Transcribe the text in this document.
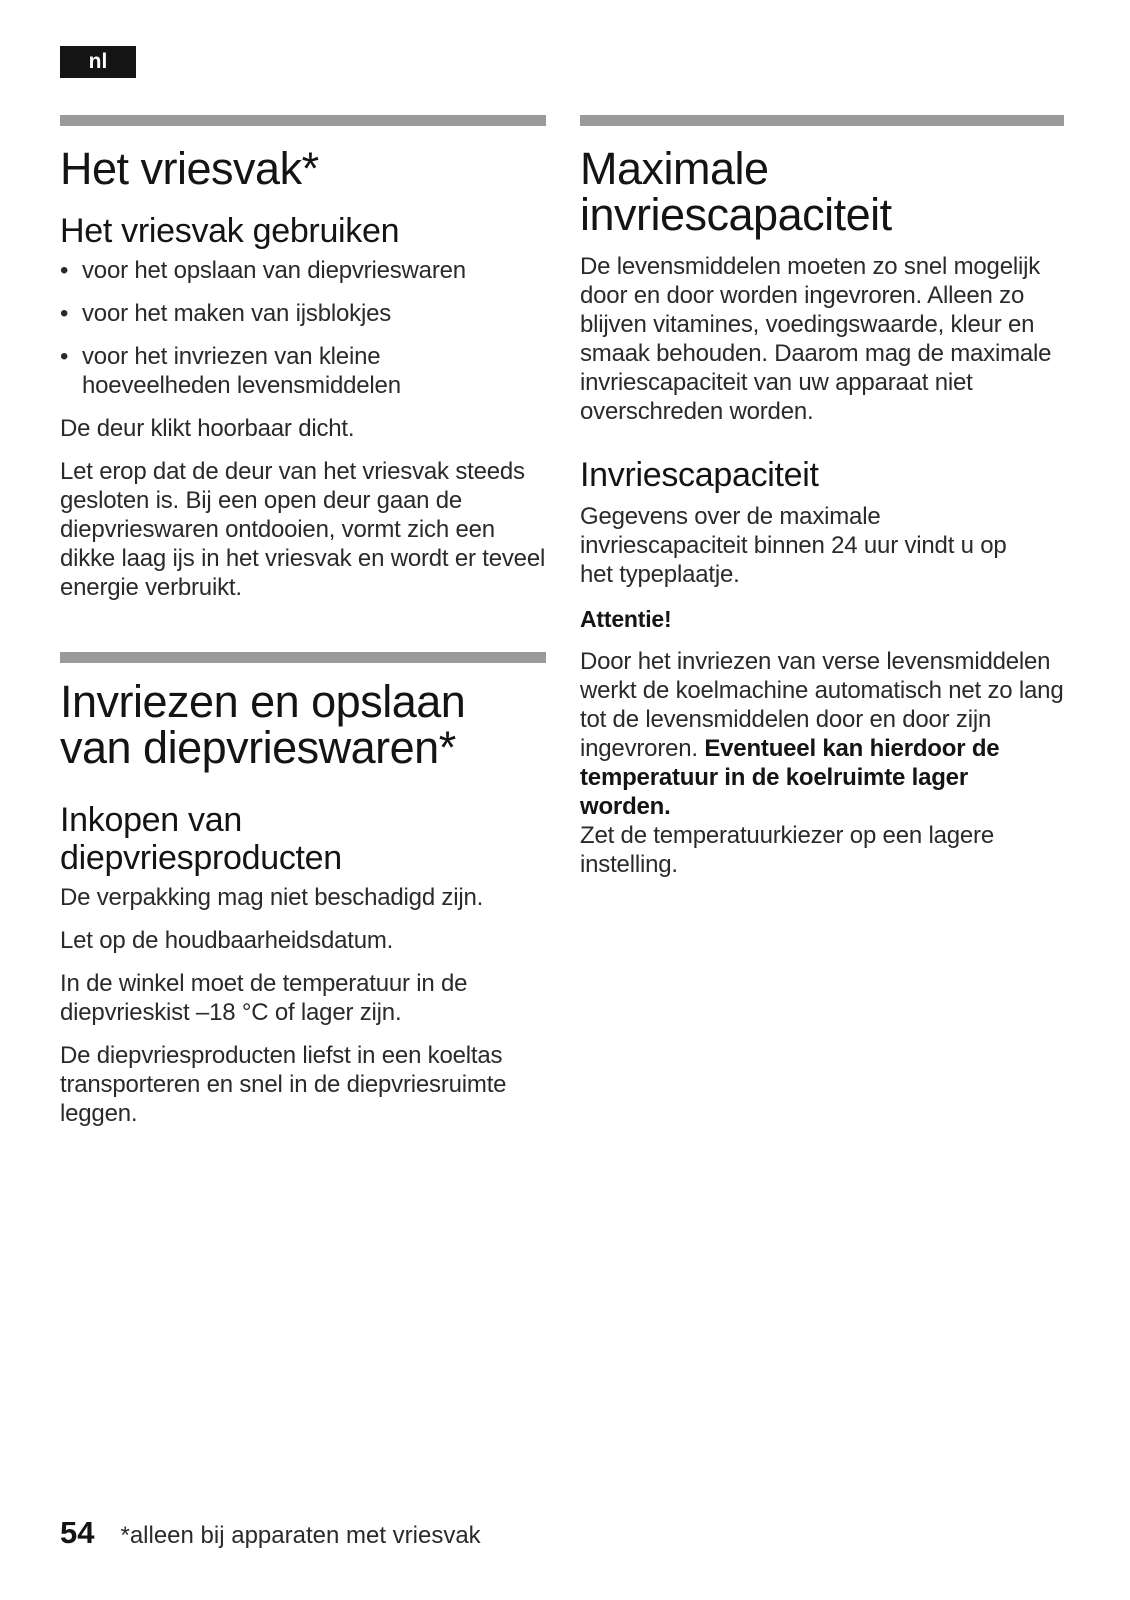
nl
Het vriesvak*
Het vriesvak gebruiken
• voor het opslaan van diepvrieswaren
• voor het maken van ijsblokjes
• voor het invriezen van kleine hoeveelheden levensmiddelen

De deur klikt hoorbaar dicht.

Let erop dat de deur van het vriesvak steeds gesloten is. Bij een open deur gaan de diepvrieswaren ontdooien, vormt zich een dikke laag ijs in het vriesvak en wordt er teveel energie verbruikt.

Invriezen en opslaan van diepvrieswaren*
Inkopen van diepvriesproducten

De verpakking mag niet beschadigd zijn.

Let op de houdbaarheidsdatum.

In de winkel moet de temperatuur in de diepvrieskist –18 °C of lager zijn.

De diepvriesproducten liefst in een koeltas transporteren en snel in de diepvriesruimte leggen.

Maximale invriescapaciteit

De levensmiddelen moeten zo snel mogelijk door en door worden ingevroren. Alleen zo blijven vitamines, voedingswaarde, kleur en smaak behouden. Daarom mag de maximale invriescapaciteit van uw apparaat niet overschreden worden.

Invriescapaciteit

Gegevens over de maximale invriescapaciteit binnen 24 uur vindt u op het typeplaatje.

Attentie!

Door het invriezen van verse levensmiddelen werkt de koelmachine automatisch net zo lang tot de levensmiddelen door en door zijn ingevroren. Eventueel kan hierdoor de temperatuur in de koelruimte lager worden.

Zet de temperatuurkiezer op een lagere instelling.

54 *alleen bij apparaten met vriesvak
